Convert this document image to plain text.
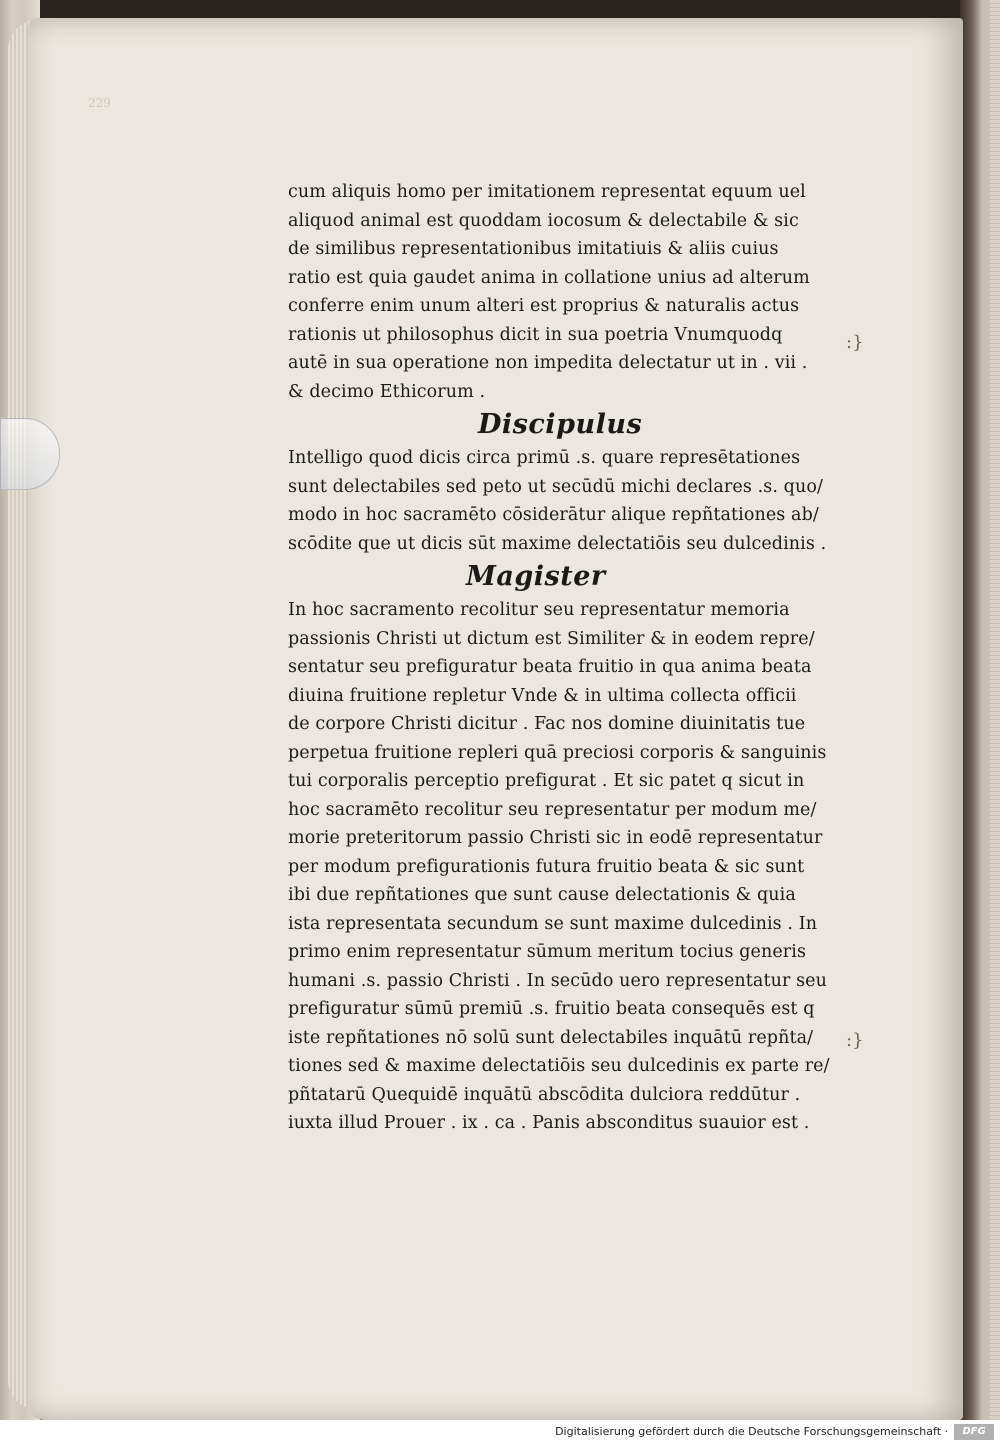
229

cum aliquis homo per imitationem representat equum uel

aliquod animal est quoddam iocosum & delectabile & sic

de similibus representationibus imitatiuis & aliis cuius

ratio est quia gaudet anima in collatione unius ad alterum

conferre enim unum alteri est proprius & naturalis actus

rationis ut philosophus dicit in sua poetria Vnumquodq

autē in sua operatione non impedita delectatur ut in . vii .

& decimo Ethicorum .

Discipulus

Intelligo quod dicis circa primū .s. quare represētationes

sunt delectabiles sed peto ut secūdū michi declares .s. quo/

modo in hoc sacramēto cōsiderātur alique repñtationes ab/

scōdite que ut dicis sūt maxime delectatiōis seu dulcedinis .

Magister

In hoc sacramento recolitur seu representatur memoria

passionis Christi ut dictum est Similiter & in eodem repre/

sentatur seu prefiguratur beata fruitio in qua anima beata

diuina fruitione repletur Vnde & in ultima collecta officii

de corpore Christi dicitur . Fac nos domine diuinitatis tue

perpetua fruitione repleri quā preciosi corporis & sanguinis

tui corporalis perceptio prefigurat . Et sic patet q sicut in

hoc sacramēto recolitur seu representatur per modum me/

morie preteritorum passio Christi sic in eodē representatur

per modum prefigurationis futura fruitio beata & sic sunt

ibi due repñtationes que sunt cause delectationis & quia

ista representata secundum se sunt maxime dulcedinis . In

primo enim representatur sūmum meritum tocius generis

humani .s. passio Christi . In secūdo uero representatur seu

prefiguratur sūmū premiū .s. fruitio beata consequēs est q

iste repñtationes nō solū sunt delectabiles inquātū repñta/

tiones sed & maxime delectatiōis seu dulcedinis ex parte re/

pñtatarū Quequidē inquātū abscōdita dulciora reddūtur .

iuxta illud Prouer . ix . ca . Panis absconditus suauior est .

:}

:}

Digitalisierung gefördert durch die Deutsche Forschungsgemeinschaft ·	DFG
